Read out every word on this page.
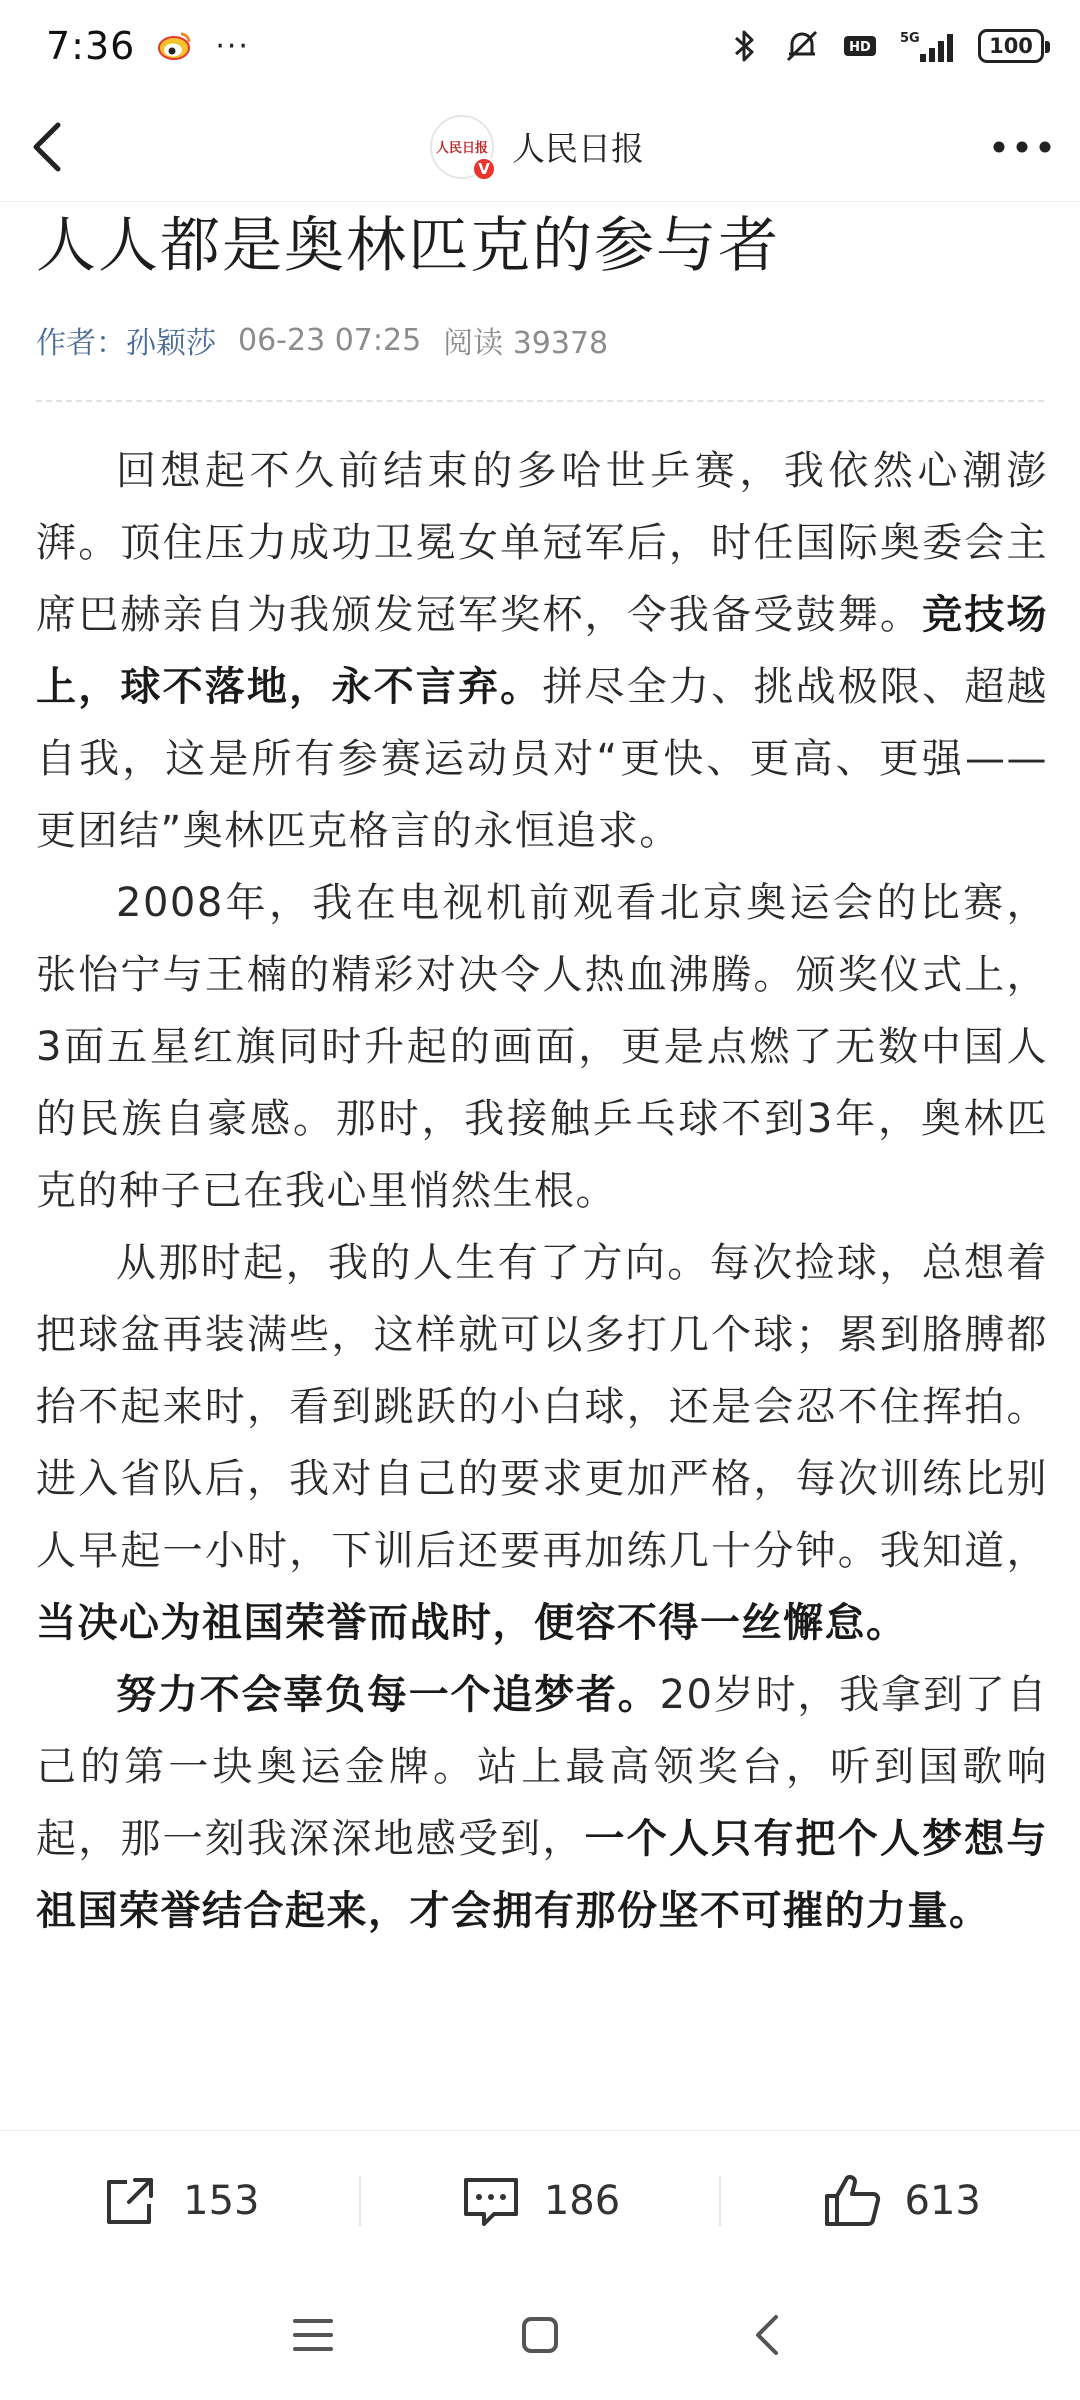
7:36	···	HD
5G	100
人民日报
V
人民日报
人人都是奥林匹克的参与者
作者： 孙颖莎 06-23 07:25 阅读 39378

回想起不久前结束的多哈世乒赛，我依然心潮澎湃。顶住压力成功卫冕女单冠军后，时任国际奥委会主席巴赫亲自为我颁发冠军奖杯，令我备受鼓舞。竞技场上，球不落地，永不言弃。拼尽全力、挑战极限、超越自我，这是所有参赛运动员对“更快、更高、更强——更团结”奥林匹克格言的永恒追求。

2008年，我在电视机前观看北京奥运会的比赛，张怡宁与王楠的精彩对决令人热血沸腾。颁奖仪式上，3面五星红旗同时升起的画面，更是点燃了无数中国人的民族自豪感。那时，我接触乒乓球不到3年，奥林匹克的种子已在我心里悄然生根。

从那时起，我的人生有了方向。每次捡球，总想着把球盆再装满些，这样就可以多打几个球；累到胳膊都抬不起来时，看到跳跃的小白球，还是会忍不住挥拍。进入省队后，我对自己的要求更加严格，每次训练比别人早起一小时，下训后还要再加练几十分钟。我知道，当决心为祖国荣誉而战时，便容不得一丝懈怠。

努力不会辜负每一个追梦者。20岁时，我拿到了自己的第一块奥运金牌。站上最高领奖台，听到国歌响起，那一刻我深深地感受到，一个人只有把个人梦想与祖国荣誉结合起来，才会拥有那份坚不可摧的力量。

153	186	613
